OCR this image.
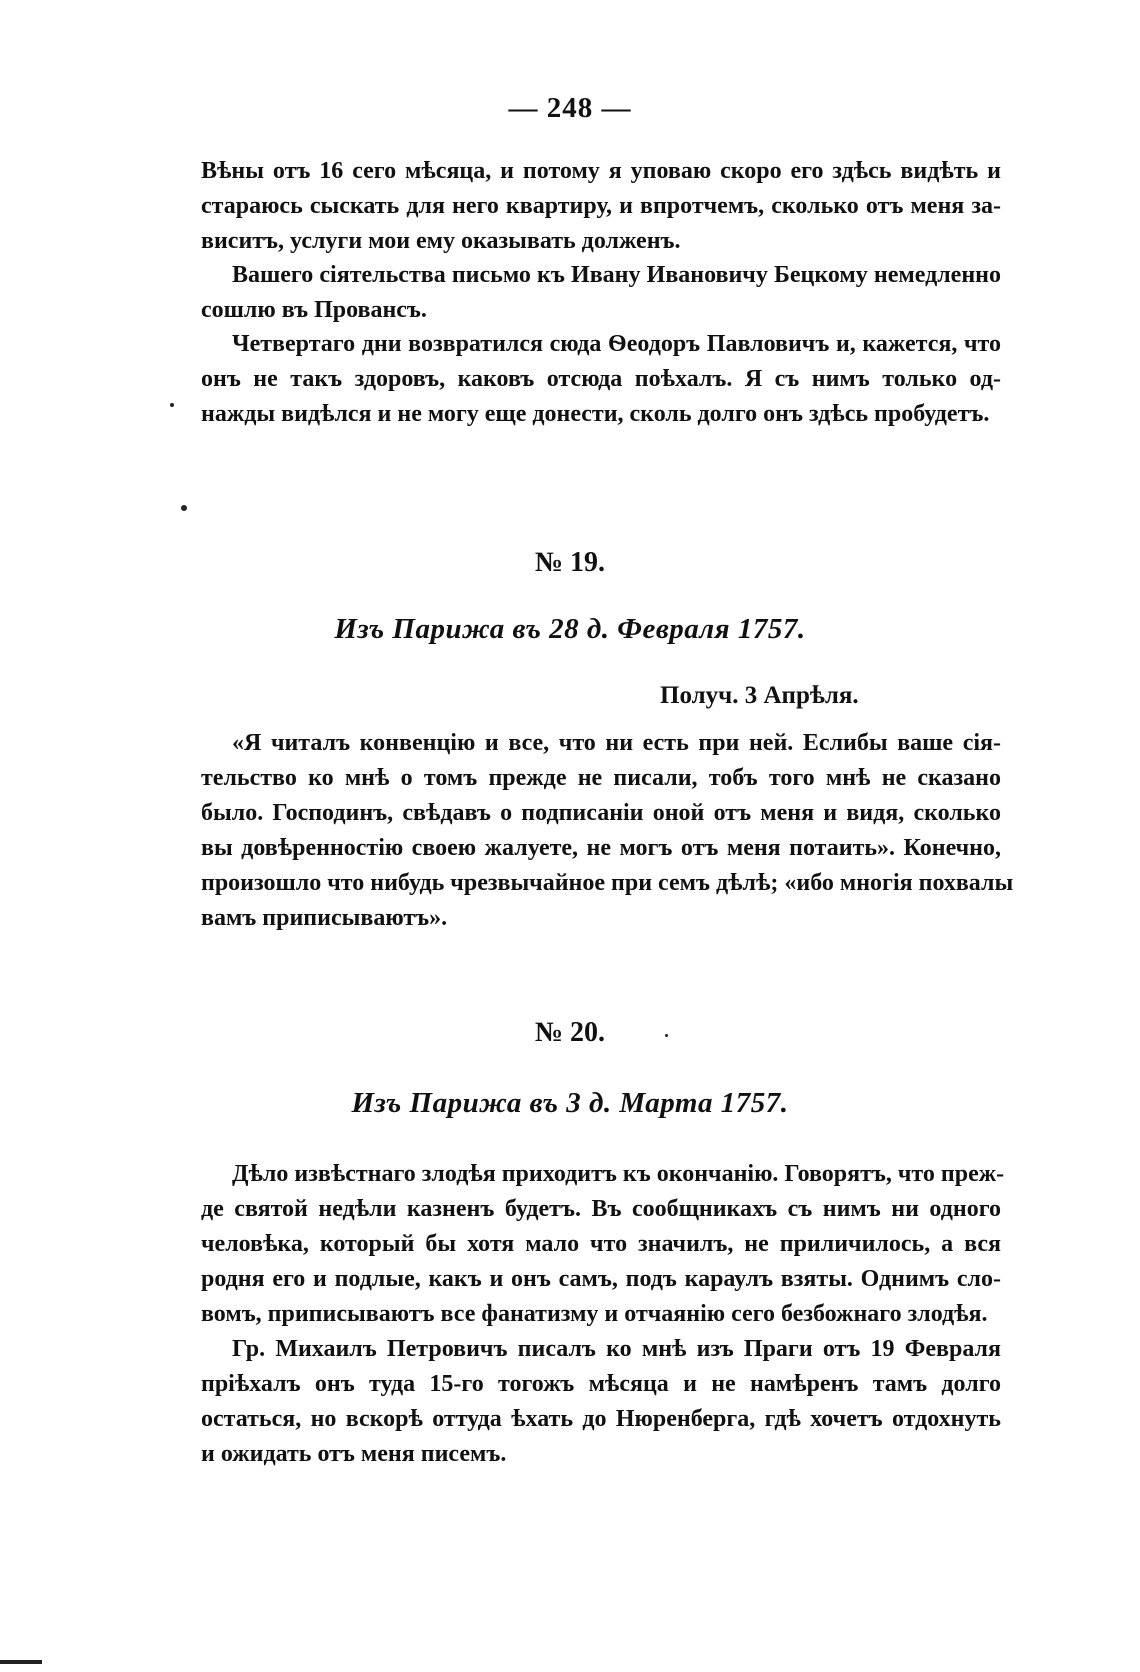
— 248 —
Вѣны отъ 16 сего мѣсяца, и потому я уповаю скоро его здѣсь видѣть и
стараюсь сыскать для него квартиру, и впротчемъ, сколько отъ меня за-
виситъ, услуги мои ему оказывать долженъ.
Вашего сіятельства письмо къ Ивану Ивановичу Бецкому немедленно
сошлю въ Провансъ.
Четвертаго дни возвратился сюда Ѳеодоръ Павловичъ и, кажется, что
онъ не такъ здоровъ, каковъ отсюда поѣхалъ. Я съ нимъ только од-
нажды видѣлся и не могу еще донести, сколь долго онъ здѣсь пробудетъ.
№ 19.
Изъ Парижа въ 28 д. Февраля 1757.
Получ. 3 Апрѣля.
«Я читалъ конвенцію и все, что ни есть при ней. Еслибы ваше сія-
тельство ко мнѣ о томъ прежде не писали, тобъ того мнѣ не сказано
было. Господинъ, свѣдавъ о подписаніи оной отъ меня и видя, сколько
вы довѣренностію своею жалуете, не могъ отъ меня потаить». Конечно,
произошло что нибудь чрезвычайное при семъ дѣлѣ; «ибо многія похвалы
вамъ приписываютъ».
№ 20.
Изъ Парижа въ 3 д. Марта 1757.
Дѣло извѣстнаго злодѣя приходитъ къ окончанію. Говорятъ, что преж-
де святой недѣли казненъ будетъ. Въ сообщникахъ съ нимъ ни одного
человѣка, который бы хотя мало что значилъ, не приличилось, а вся
родня его и подлые, какъ и онъ самъ, подъ караулъ взяты. Однимъ сло-
вомъ, приписываютъ все фанатизму и отчаянію сего безбожнаго злодѣя.
Гр. Михаилъ Петровичъ писалъ ко мнѣ изъ Праги отъ 19 Февраля
пріѣхалъ онъ туда 15-го тогожъ мѣсяца и не намѣренъ тамъ долго
остаться, но вскорѣ оттуда ѣхать до Нюренберга, гдѣ хочетъ отдохнуть
и ожидать отъ меня писемъ.
